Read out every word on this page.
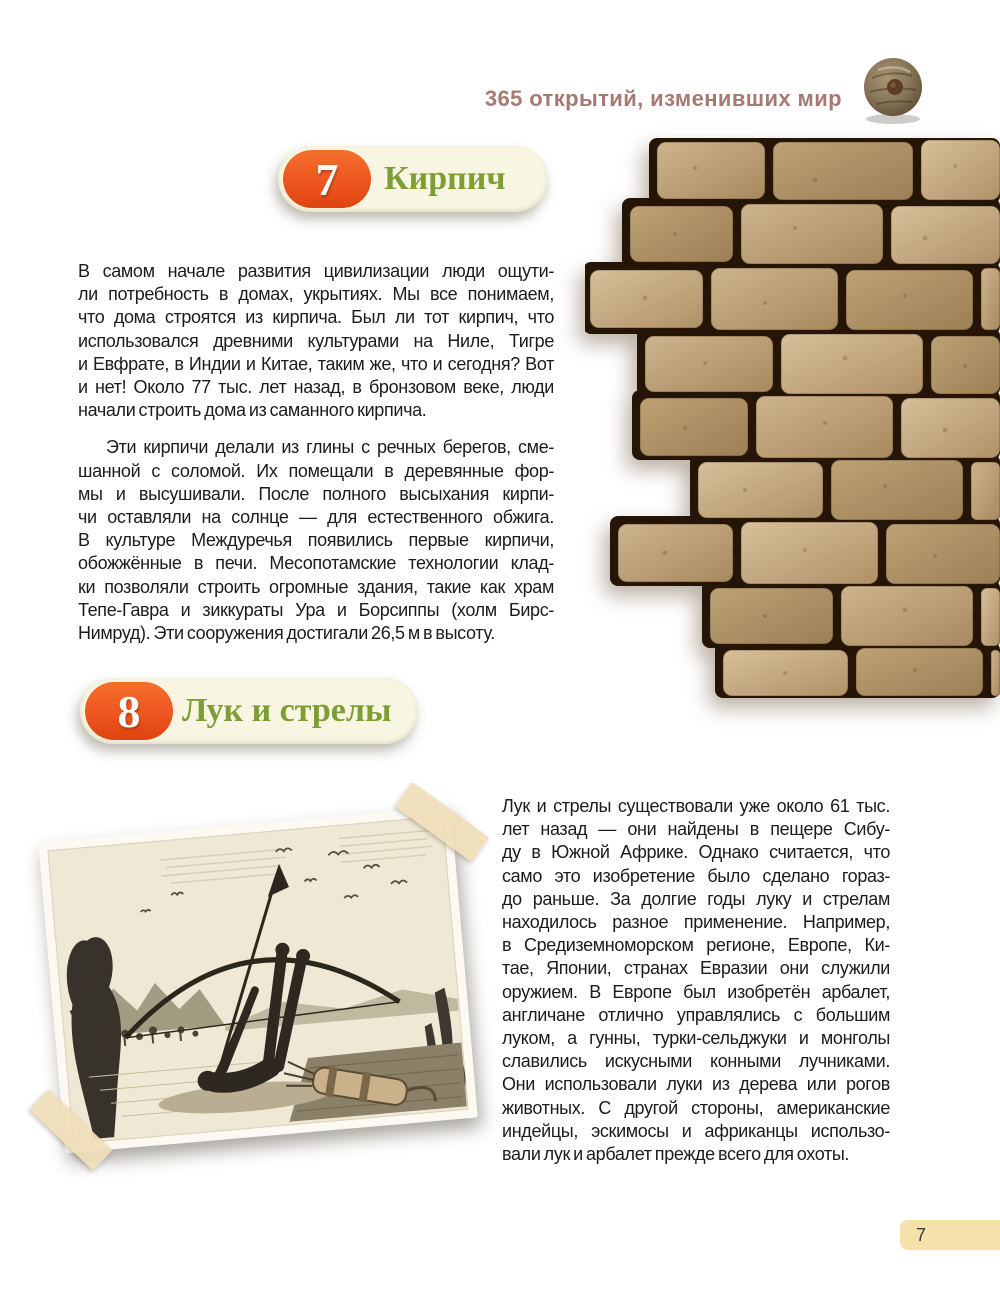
365 открытий, изменивших мир
7	Кирпич
В самом начале развития цивилизации люди ощути-
ли потребность в домах, укрытиях. Мы все понимаем,
что дома строятся из кирпича. Был ли тот кирпич, что
использовался древними культурами на Ниле, Тигре
и Евфрате, в Индии и Китае, таким же, что и сегодня? Вот
и нет! Около 77 тыс. лет назад, в бронзовом веке, люди
начали строить дома из саманного кирпича.
Эти кирпичи делали из глины с речных берегов, сме-
шанной с соломой. Их помещали в деревянные фор-
мы и высушивали. После полного высыхания кирпи-
чи оставляли на солнце — для естественного обжига.
В культуре Междуречья появились первые кирпичи,
обожжённые в печи. Месопотамские технологии клад-
ки позволяли строить огромные здания, такие как храм
Тепе-Гавра и зиккураты Ура и Борсиппы (холм Бирс-
Нимруд). Эти сооружения достигали 26,5 м в высоту.
8	Лук и стрелы
Лук и стрелы существовали уже около 61 тыс.
лет назад — они найдены в пещере Сибу-
ду в Южной Африке. Однако считается, что
само это изобретение было сделано гораз-
до раньше. За долгие годы луку и стрелам
находилось разное применение. Например,
в Средиземноморском регионе, Европе, Ки-
тае, Японии, странах Евразии они служили
оружием. В Европе был изобретён арбалет,
англичане отлично управлялись с большим
луком, а гунны, турки-сельджуки и монголы
славились искусными конными лучниками.
Они использовали луки из дерева или рогов
животных. С другой стороны, американские
индейцы, эскимосы и африканцы использо-
вали лук и арбалет прежде всего для охоты.
7
